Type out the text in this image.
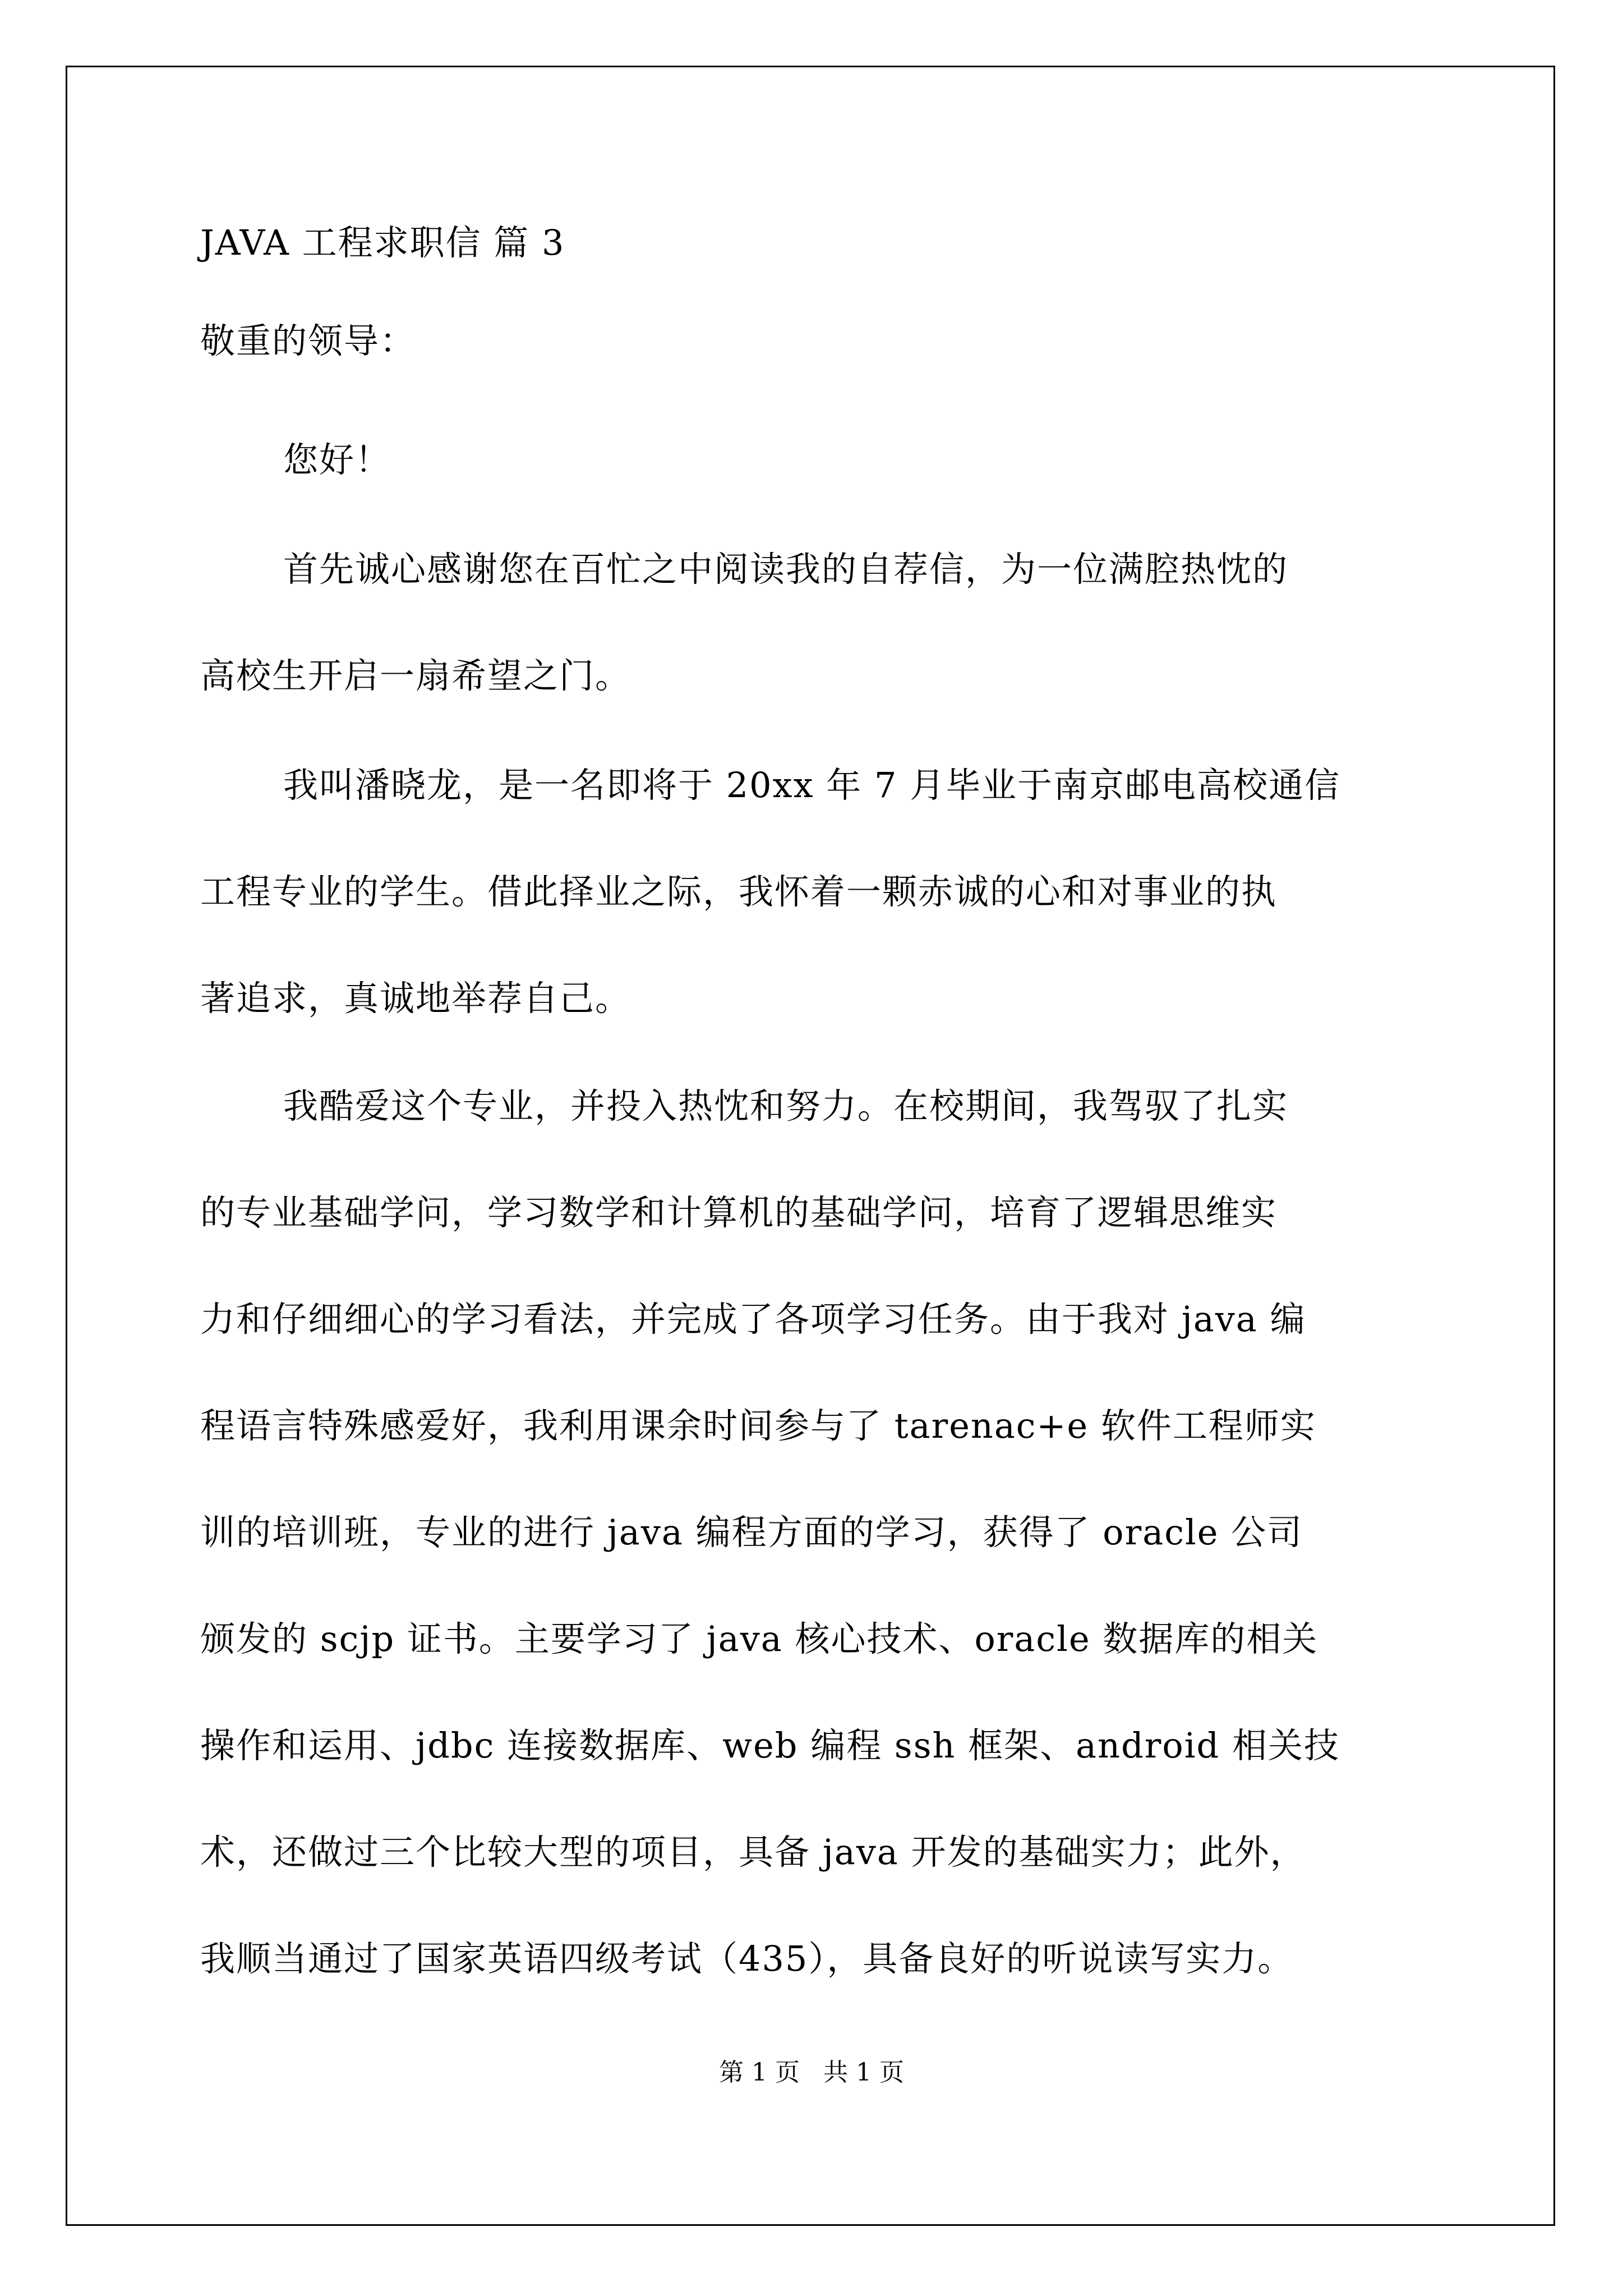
JAVA 工程求职信 篇 3
敬重的领导：
您好！
首先诚心感谢您在百忙之中阅读我的自荐信，为一位满腔热忱的
高校生开启一扇希望之门。
我叫潘晓龙，是一名即将于 20xx 年 7 月毕业于南京邮电高校通信
工程专业的学生。借此择业之际，我怀着一颗赤诚的心和对事业的执
著追求，真诚地举荐自己。
我酷爱这个专业，并投入热忱和努力。在校期间，我驾驭了扎实
的专业基础学问，学习数学和计算机的基础学问，培育了逻辑思维实
力和仔细细心的学习看法，并完成了各项学习任务。由于我对 java 编
程语言特殊感爱好，我利用课余时间参与了 tarenac+e 软件工程师实
训的培训班，专业的进行 java 编程方面的学习，获得了 oracle 公司
颁发的 scjp 证书。主要学习了 java 核心技术、oracle 数据库的相关
操作和运用、jdbc 连接数据库、web 编程 ssh 框架、android 相关技
术，还做过三个比较大型的项目，具备 java 开发的基础实力；此外，
我顺当通过了国家英语四级考试（435），具备良好的听说读写实力。
第 1 页   共 1 页
